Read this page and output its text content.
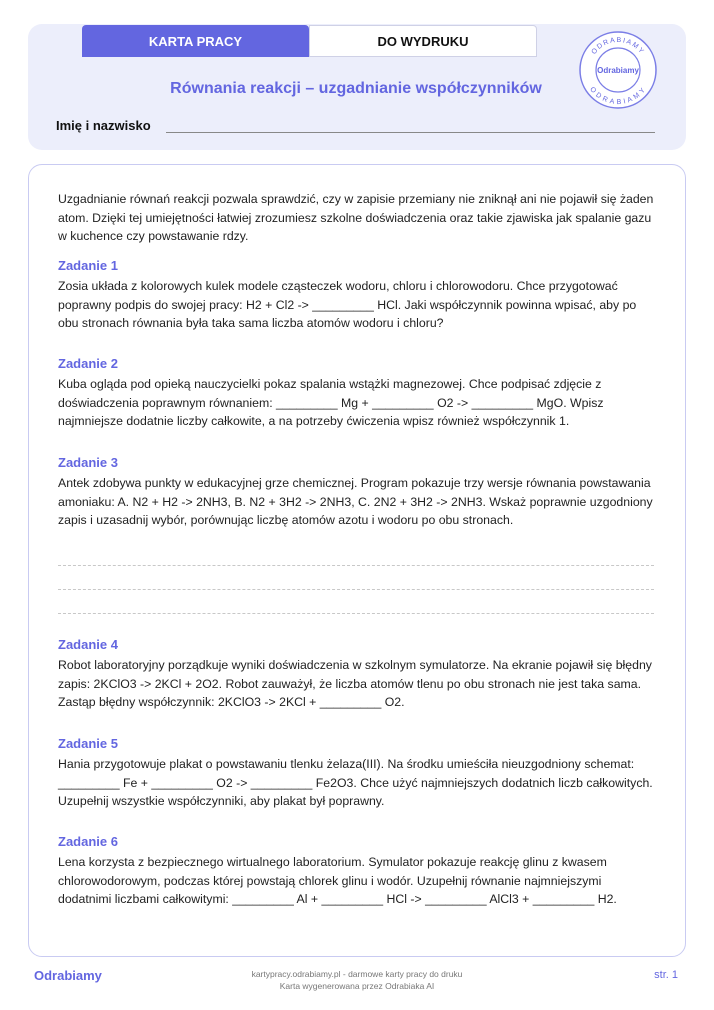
KARTA PRACY	DO WYDRUKU
ODRABIAMY
ODRABIAMY
Odrabiamy
Równania reakcji – uzgadnianie współczynników
Imię i nazwisko
Uzgadnianie równań reakcji pozwala sprawdzić, czy w zapisie przemiany nie zniknął ani nie pojawił się żaden atom. Dzięki tej umiejętności łatwiej zrozumiesz szkolne doświadczenia oraz takie zjawiska jak spalanie gazu w kuchence czy powstawanie rdzy.
Zadanie 1

Zosia układa z kolorowych kulek modele cząsteczek wodoru, chloru i chlorowodoru. Chce przygotować poprawny podpis do swojej pracy: H2 + Cl2 -> _________ HCl. Jaki współczynnik powinna wpisać, aby po obu stronach równania była taka sama liczba atomów wodoru i chloru?

Zadanie 2

Kuba ogląda pod opieką nauczycielki pokaz spalania wstążki magnezowej. Chce podpisać zdjęcie z doświadczenia poprawnym równaniem: _________ Mg + _________ O2 -> _________ MgO. Wpisz najmniejsze dodatnie liczby całkowite, a na potrzeby ćwiczenia wpisz również współczynnik 1.

Zadanie 3

Antek zdobywa punkty w edukacyjnej grze chemicznej. Program pokazuje trzy wersje równania powstawania amoniaku: A. N2 + H2 -> 2NH3, B. N2 + 3H2 -> 2NH3, C. 2N2 + 3H2 -> 2NH3. Wskaż poprawnie uzgodniony zapis i uzasadnij wybór, porównując liczbę atomów azotu i wodoru po obu stronach.

Zadanie 4

Robot laboratoryjny porządkuje wyniki doświadczenia w szkolnym symulatorze. Na ekranie pojawił się błędny zapis: 2KClO3 -> 2KCl + 2O2. Robot zauważył, że liczba atomów tlenu po obu stronach nie jest taka sama. Zastąp błędny współczynnik: 2KClO3 -> 2KCl + _________ O2.

Zadanie 5

Hania przygotowuje plakat o powstawaniu tlenku żelaza(III). Na środku umieściła nieuzgodniony schemat: _________ Fe + _________ O2 -> _________ Fe2O3. Chce użyć najmniejszych dodatnich liczb całkowitych. Uzupełnij wszystkie współczynniki, aby plakat był poprawny.

Zadanie 6

Lena korzysta z bezpiecznego wirtualnego laboratorium. Symulator pokazuje reakcję glinu z kwasem chlorowodorowym, podczas której powstają chlorek glinu i wodór. Uzupełnij równanie najmniejszymi dodatnimi liczbami całkowitymi: _________ Al + _________ HCl -> _________ AlCl3 + _________ H2.

Odrabiamy	kartypracy.odrabiamy.pl - darmowe karty pracy do druku
Karta wygenerowana przez Odrabiaka AI
str. 1
